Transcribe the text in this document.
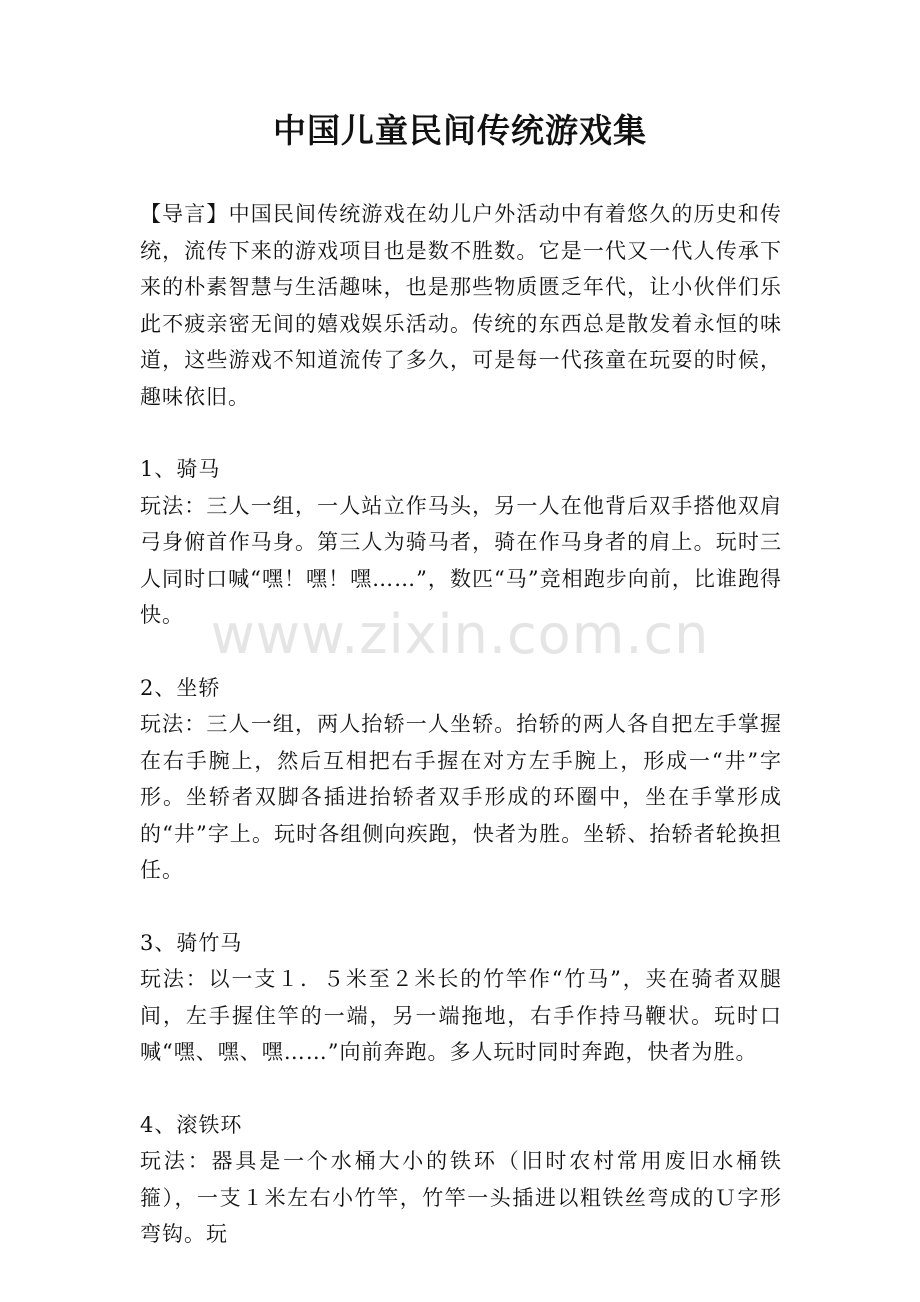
中国儿童民间传统游戏集

【导言】中国民间传统游戏在幼儿户外活动中有着悠久的历史和传统，流传下来的游戏项目也是数不胜数。它是一代又一代人传承下来的朴素智慧与生活趣味，也是那些物质匮乏年代，让小伙伴们乐此不疲亲密无间的嬉戏娱乐活动。传统的东西总是散发着永恒的味道，这些游戏不知道流传了多久，可是每一代孩童在玩耍的时候，趣味依旧。

1、骑马

玩法：三人一组，一人站立作马头，另一人在他背后双手搭他双肩弓身俯首作马身。第三人为骑马者，骑在作马身者的肩上。玩时三人同时口喊“嘿！嘿！嘿……”，数匹“马”竞相跑步向前，比谁跑得快。

2、坐轿

玩法：三人一组，两人抬轿一人坐轿。抬轿的两人各自把左手掌握在右手腕上，然后互相把右手握在对方左手腕上，形成一“井”字形。坐轿者双脚各插进抬轿者双手形成的环圈中，坐在手掌形成的“井”字上。玩时各组侧向疾跑，快者为胜。坐轿、抬轿者轮换担任。

3、骑竹马

玩法：以一支１．５米至２米长的竹竿作“竹马”，夹在骑者双腿间，左手握住竿的一端，另一端拖地，右手作持马鞭状。玩时口喊“嘿、嘿、嘿……”向前奔跑。多人玩时同时奔跑，快者为胜。

4、滚铁环

玩法：器具是一个水桶大小的铁环（旧时农村常用废旧水桶铁箍），一支１米左右小竹竿，竹竿一头插进以粗铁丝弯成的Ｕ字形弯钩。玩

www.zixin.com.cn
